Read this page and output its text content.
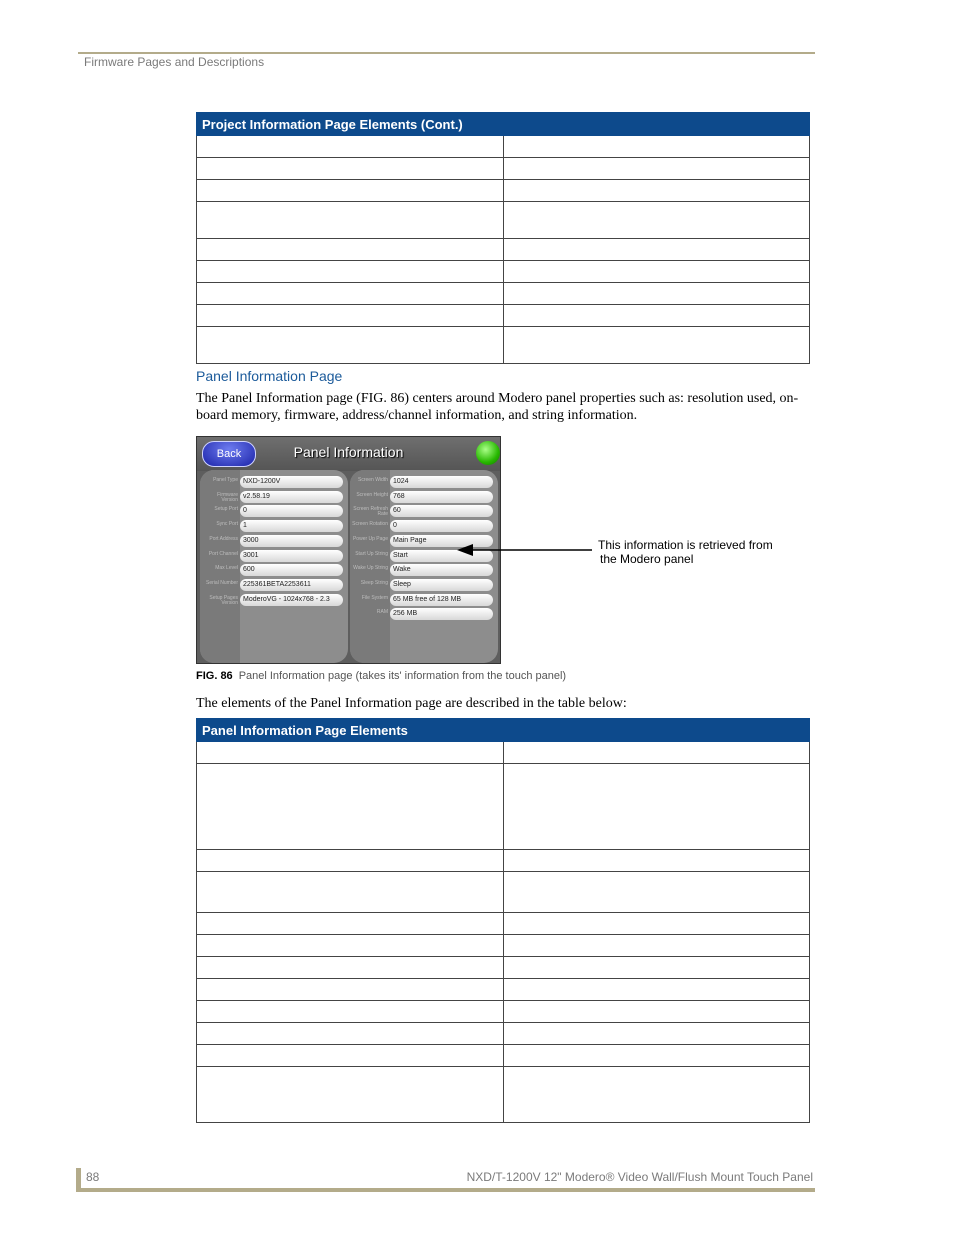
Firmware Pages and Descriptions
Project Information Page Elements (Cont.)	

Panel Information Page
The Panel Information page (FIG. 86) centers around Modero panel properties such as: resolution used, on-board memory, firmware, address/channel information, and string information.
Back	Panel Information
Panel Type NXD-1200V
Firmware Version v2.58.19
Setup Port 0
Sync Port 1
Port Address 3000
Port Channel 3001
Max Level 600
Serial Number 225361BETA2253611
Setup Pages Version ModeroVG - 1024x768 - 2.3
Screen Width 1024
Screen Height 768
Screen Refresh Rate 60
Screen Rotation 0
Power Up Page Main Page
Start Up String Start
Wake Up String Wake
Sleep String Sleep
File System 65 MB free of 128 MB
RAM 256 MB
This information is retrieved from
the Modero panel
FIG. 86 Panel Information page (takes its' information from the touch panel)
The elements of the Panel Information page are described in the table below:
Panel Information Page Elements	

88	NXD/T-1200V 12" Modero® Video Wall/Flush Mount Touch Panel
